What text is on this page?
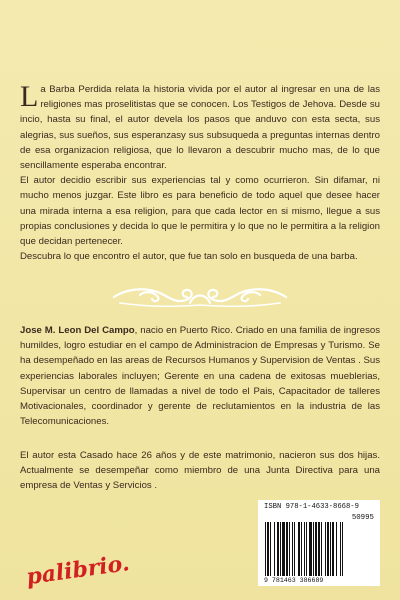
La Barba Perdida relata la historia vivida por el autor al ingresar en una de las religiones mas proselitistas que se conocen. Los Testigos de Jehova. Desde su incio, hasta su final, el autor develа los pasos que anduvo con esta secta, sus alegrias, sus sueños, sus esperanzasy sus subsuqueda a preguntas internas dentro de esa organizacion religiosa, que lo llevaron a descubrir mucho mas, de lo que sencillamente esperaba encontrar.

El autor decidio escribir sus experiencias tal y como ocurrieron. Sin difamar, ni mucho menos juzgar. Este libro es para beneficio de todo aquel que desee hacer una mirada interna a esa religion, para que cada lector en si mismo, llegue a sus propias conclusiones y decida lo que le permitira y lo que no le permitira a la religion que decidan pertenecer.

Descubra lo que encontro el autor, que fue tan solo en busqueda de una barba.

Jose M. Leon Del Campo, nacio en Puerto Rico. Criado en una familia de ingresos humildes, logro estudiar en el campo de Administracion de Empresas y Turismo. Se ha desempeñado en las areas de Recursos Humanos y Supervision de Ventas . Sus experiencias laborales incluyen; Gerente en una cadena de exitosas mueblerias, Supervisar un centro de llamadas a nivel de todo el Pais, Capacitador de talleres Motivacionales, coordinador y gerente de reclutamientos en la industria de las Telecomunicaciones.

El autor esta Casado hace 26 años y de este matrimonio, nacieron sus dos hijas. Actualmente se desempeñar como miembro de una Junta Directiva para una empresa de Ventas y Servicios .

ISBN 978-1-4633-8668-9
50995
9 781463 386689
palibrio.
